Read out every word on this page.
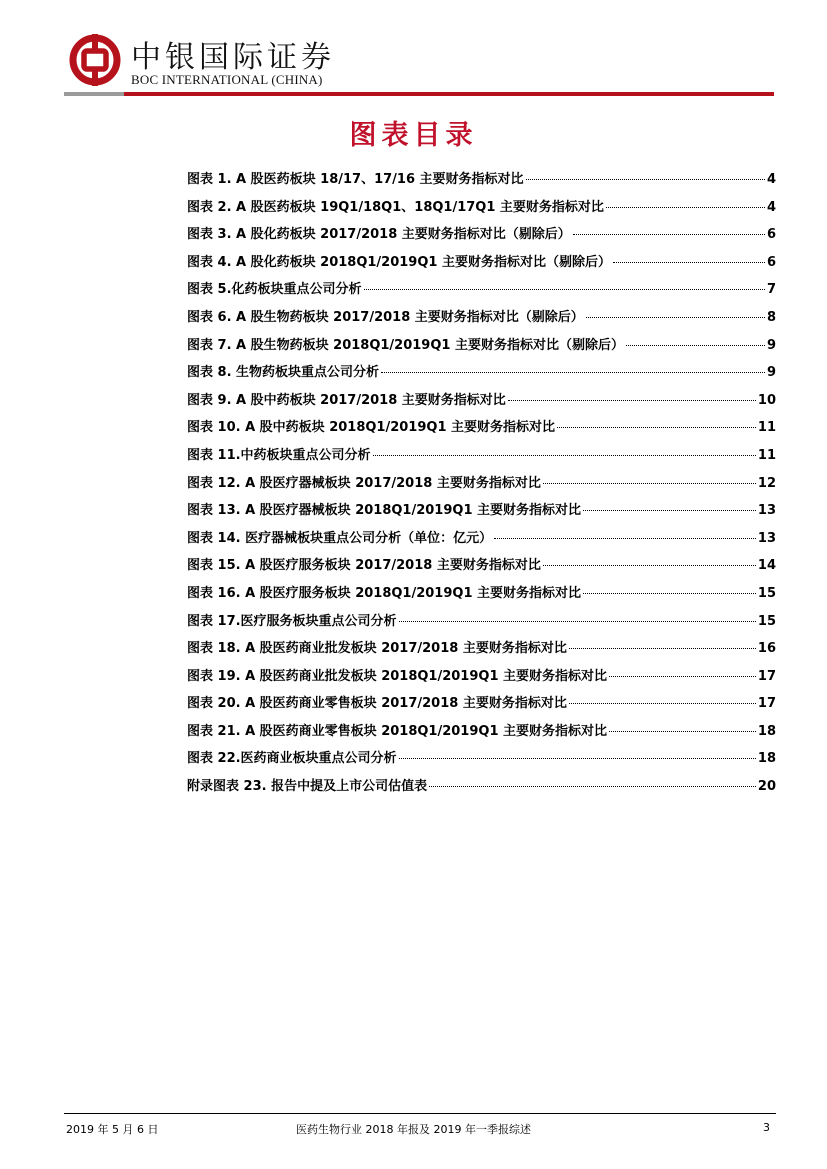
中银国际证券
BOC INTERNATIONAL (CHINA)
图表目录
图表 1. A 股医药板块 18/17、17/16 主要财务指标对比	4
图表 2. A 股医药板块 19Q1/18Q1、18Q1/17Q1 主要财务指标对比	4
图表 3. A 股化药板块 2017/2018 主要财务指标对比（剔除后）	6
图表 4. A 股化药板块 2018Q1/2019Q1 主要财务指标对比（剔除后）	6
图表 5.化药板块重点公司分析	7
图表 6. A 股生物药板块 2017/2018 主要财务指标对比（剔除后）	8
图表 7. A 股生物药板块 2018Q1/2019Q1 主要财务指标对比（剔除后）	9
图表 8. 生物药板块重点公司分析	9
图表 9. A 股中药板块 2017/2018 主要财务指标对比	10
图表 10. A 股中药板块 2018Q1/2019Q1 主要财务指标对比	11
图表 11.中药板块重点公司分析	11
图表 12. A 股医疗器械板块 2017/2018 主要财务指标对比	12
图表 13. A 股医疗器械板块 2018Q1/2019Q1 主要财务指标对比	13
图表 14. 医疗器械板块重点公司分析（单位：亿元）	13
图表 15. A 股医疗服务板块 2017/2018 主要财务指标对比	14
图表 16. A 股医疗服务板块 2018Q1/2019Q1 主要财务指标对比	15
图表 17.医疗服务板块重点公司分析	15
图表 18. A 股医药商业批发板块 2017/2018 主要财务指标对比	16
图表 19. A 股医药商业批发板块 2018Q1/2019Q1 主要财务指标对比	17
图表 20. A 股医药商业零售板块 2017/2018 主要财务指标对比	17
图表 21. A 股医药商业零售板块 2018Q1/2019Q1 主要财务指标对比	18
图表 22.医药商业板块重点公司分析	18
附录图表 23. 报告中提及上市公司估值表	20
2019 年 5 月 6 日	医药生物行业 2018 年报及 2019 年一季报综述	3
